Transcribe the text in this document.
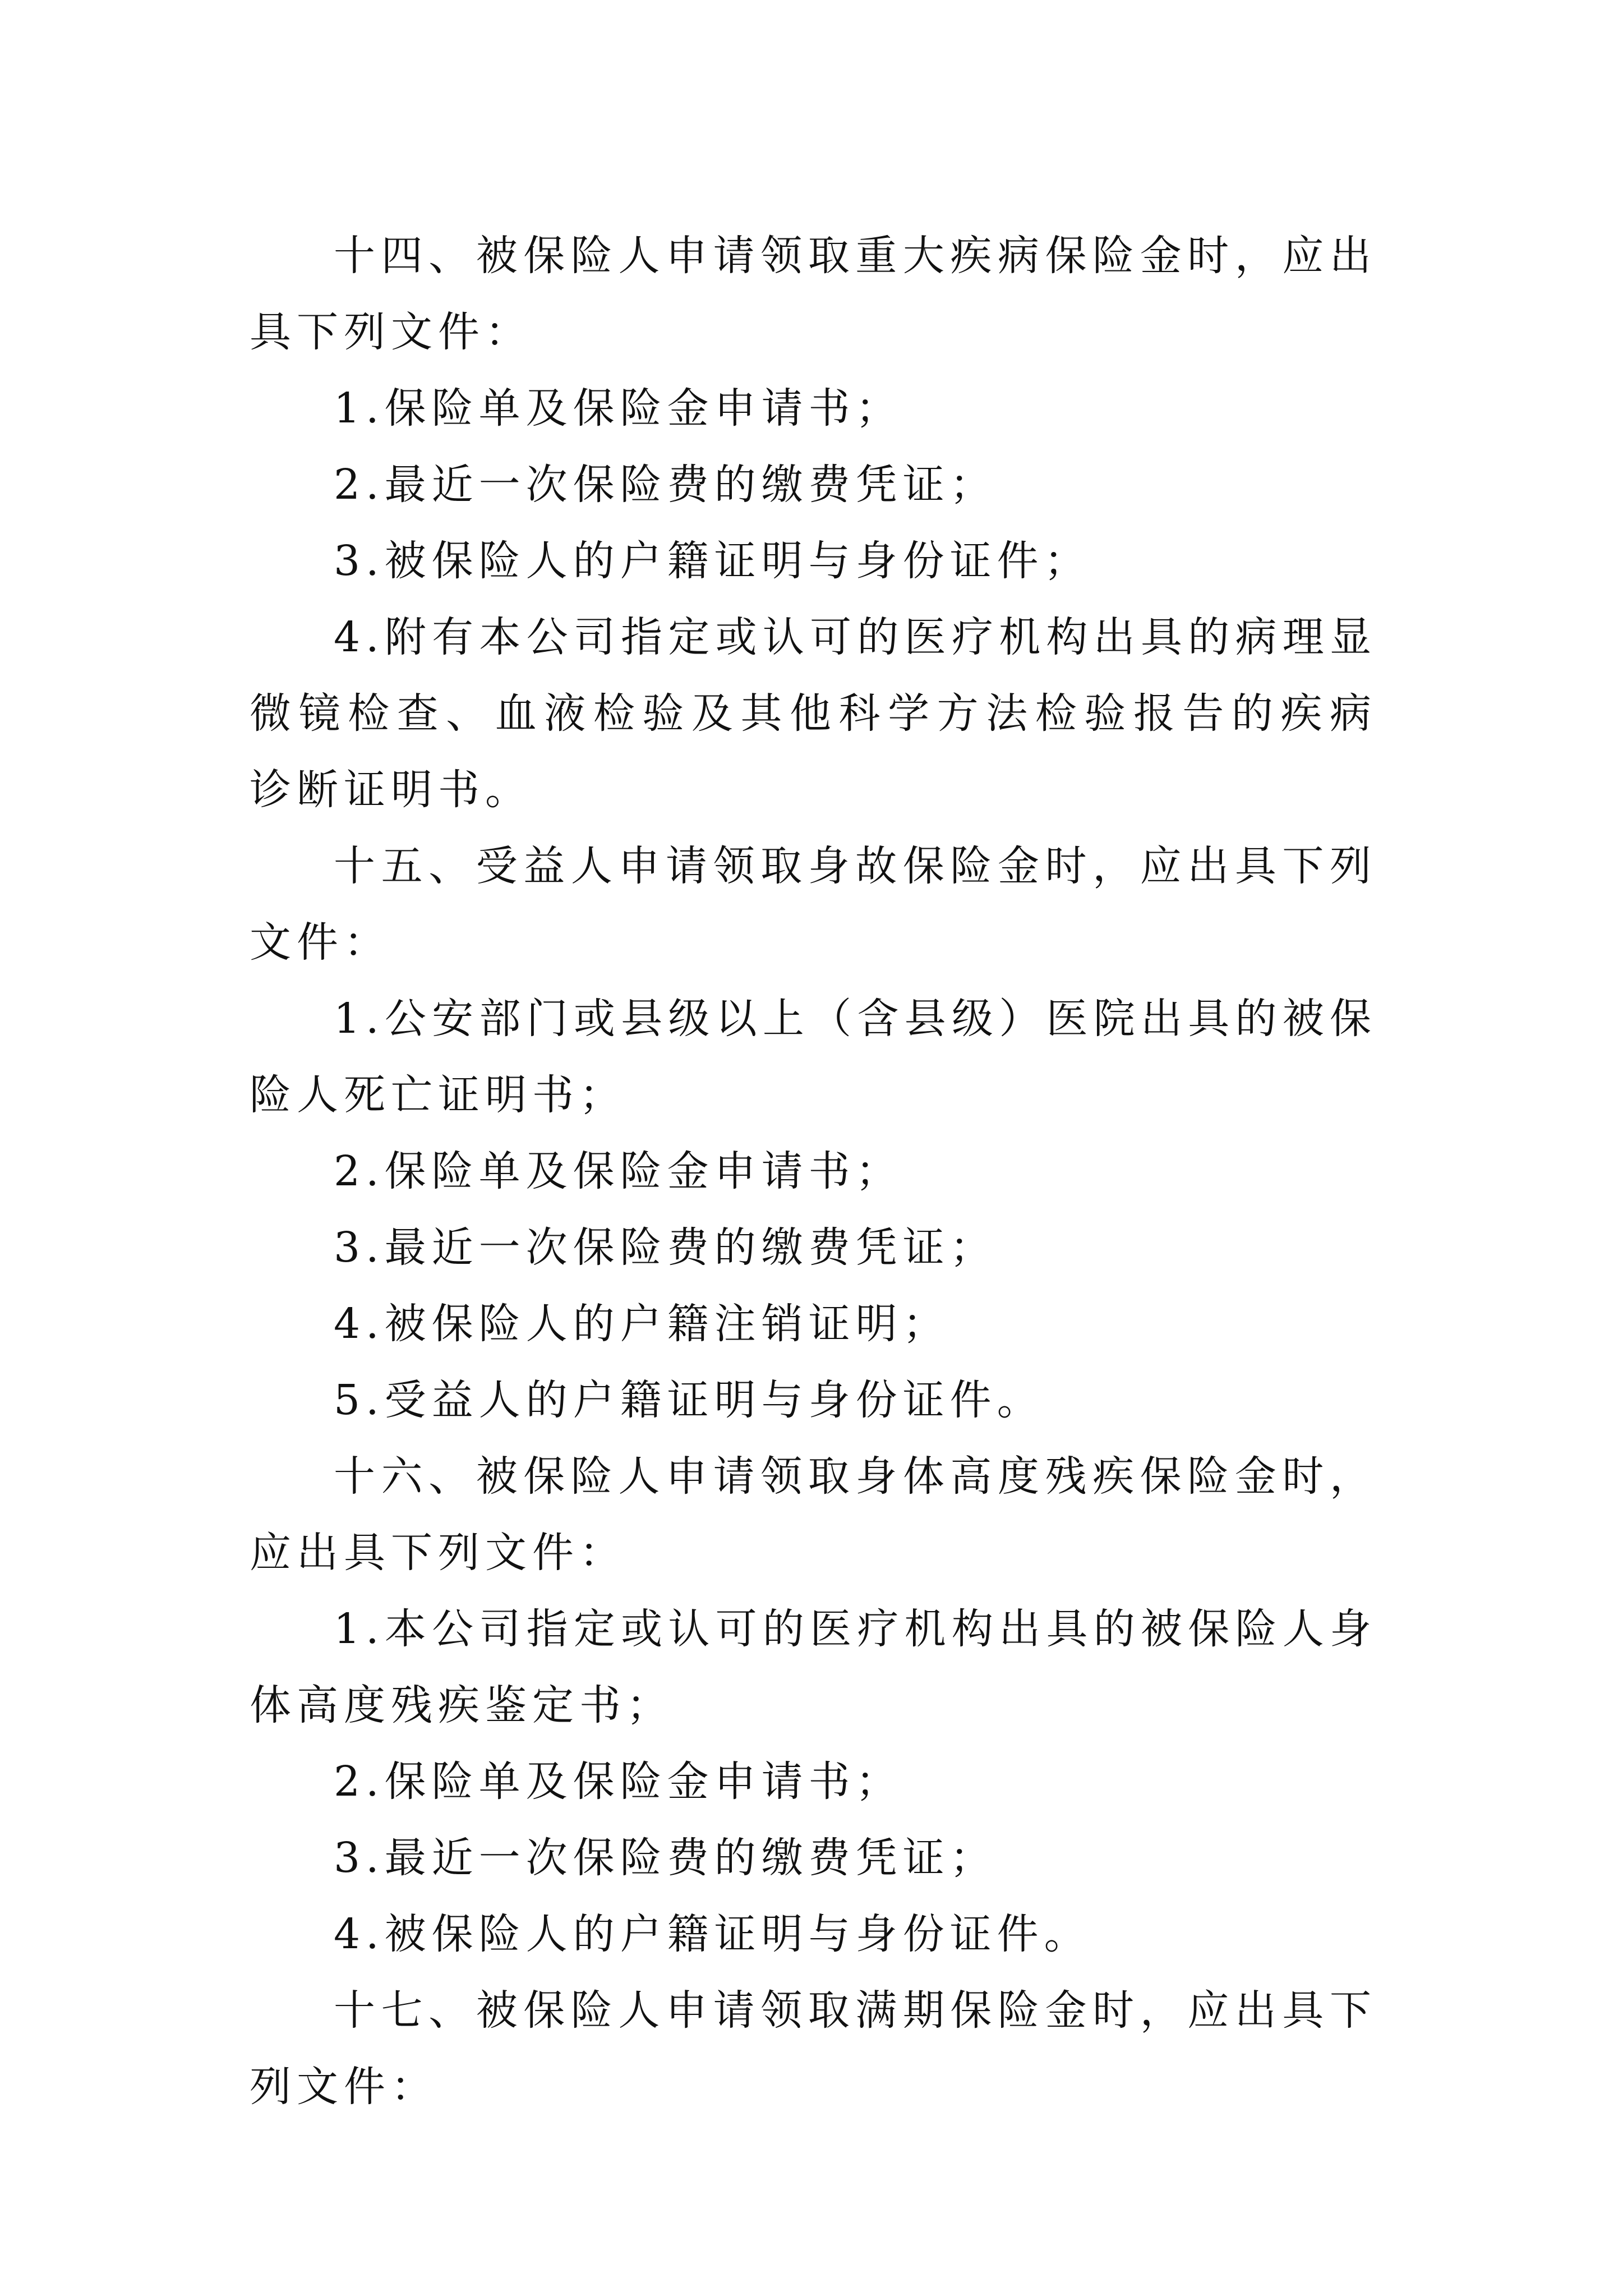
十四、被保险人申请领取重大疾病保险金时，应出具下列文件：

1.保险单及保险金申请书；

2.最近一次保险费的缴费凭证；

3.被保险人的户籍证明与身份证件；

4.附有本公司指定或认可的医疗机构出具的病理显微镜检查、血液检验及其他科学方法检验报告的疾病诊断证明书。

十五、受益人申请领取身故保险金时，应出具下列文件：

1.公安部门或县级以上（含县级）医院出具的被保险人死亡证明书；

2.保险单及保险金申请书；

3.最近一次保险费的缴费凭证；

4.被保险人的户籍注销证明；

5.受益人的户籍证明与身份证件。

十六、被保险人申请领取身体高度残疾保险金时，应出具下列文件：

1.本公司指定或认可的医疗机构出具的被保险人身体高度残疾鉴定书；

2.保险单及保险金申请书；

3.最近一次保险费的缴费凭证；

4.被保险人的户籍证明与身份证件。

十七、被保险人申请领取满期保险金时，应出具下列文件：
